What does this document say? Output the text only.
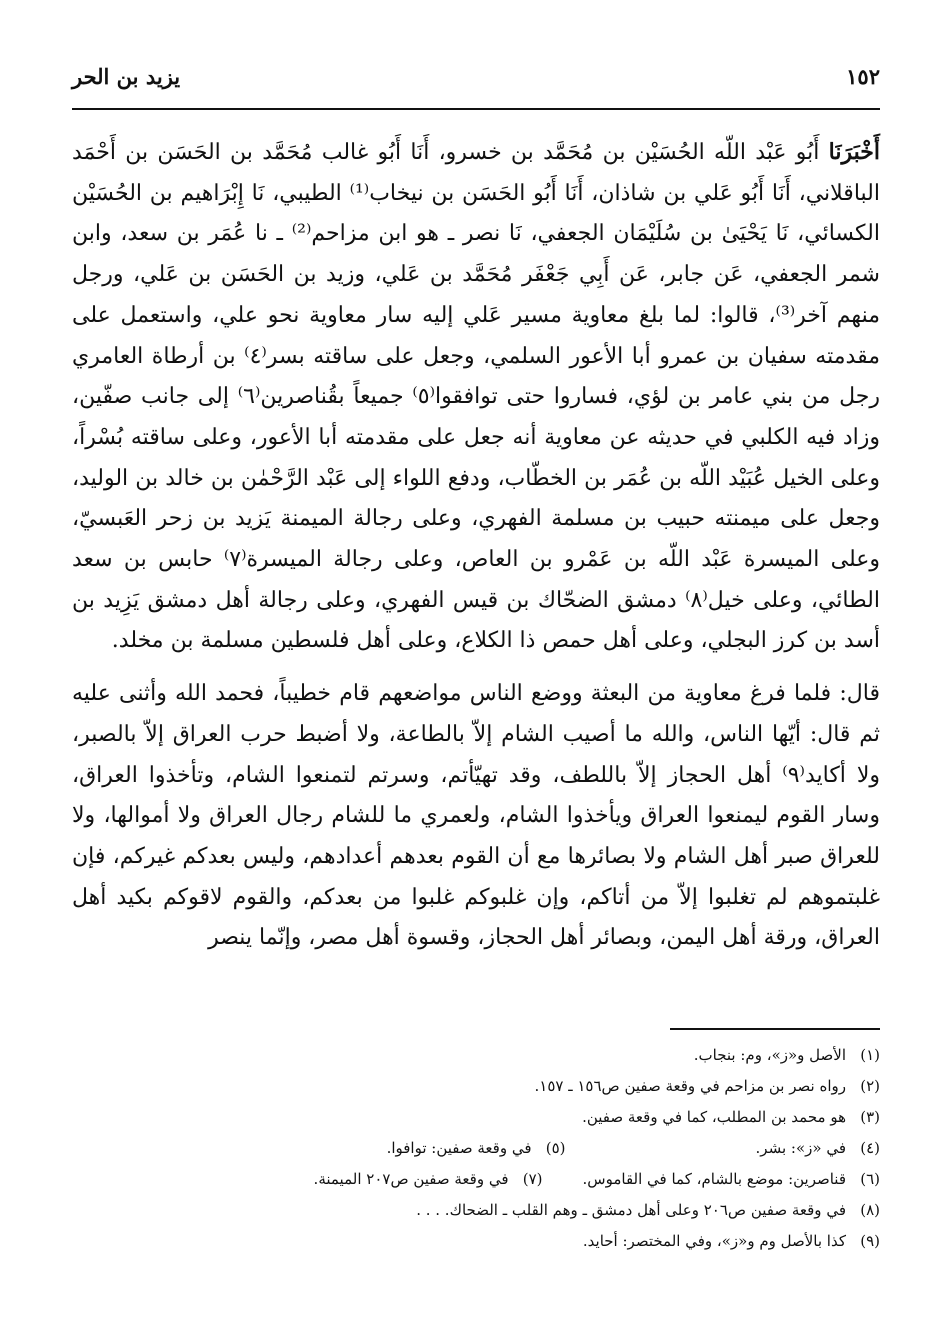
١٥٢
يزيد بن الحر

أَخْبَرَنَا أَبُو عَبْد اللّه الحُسَيْن بن مُحَمَّد بن خسرو، أَنَا أَبُو غالب مُحَمَّد بن الحَسَن بن أَحْمَد الباقلاني، أَنَا أَبُو عَلي بن شاذان، أَنَا أَبُو الحَسَن بن نيخاب⁽¹⁾ الطيبي، نَا إِبْرَاهيم بن الحُسَيْن الكسائي، نَا يَحْيَىٰ بن سُلَيْمَان الجعفي، نَا نصر ـ هو ابن مزاحم⁽²⁾ ـ نا عُمَر بن سعد، وابن شمر الجعفي، عَن جابر، عَن أَبِي جَعْفَر مُحَمَّد بن عَلي، وزيد بن الحَسَن بن عَلي، ورجل منهم آخر⁽³⁾، قالوا: لما بلغ معاوية مسير عَلي إليه سار معاوية نحو علي، واستعمل على مقدمته سفيان بن عمرو أبا الأعور السلمي، وجعل على ساقته بسر⁽٤⁾ بن أرطاة العامري رجل من بني عامر بن لؤي، فساروا حتى توافقوا⁽٥⁾ جميعاً بقُناصرين⁽٦⁾ إلى جانب صفّين، وزاد فيه الكلبي في حديثه عن معاوية أنه جعل على مقدمته أبا الأعور، وعلى ساقته بُسْراً، وعلى الخيل عُبَيْد اللّه بن عُمَر بن الخطّاب، ودفع اللواء إلى عَبْد الرَّحْمٰن بن خالد بن الوليد، وجعل على ميمنته حبيب بن مسلمة الفهري، وعلى رجالة الميمنة يَزيد بن زحر العَبسيّ، وعلى الميسرة عَبْد اللّه بن عَمْرو بن العاص، وعلى رجالة الميسرة⁽٧⁾ حابس بن سعد الطائي، وعلى خيل⁽٨⁾ دمشق الضحّاك بن قيس الفهري، وعلى رجالة أهل دمشق يَزِيد بن أسد بن كرز البجلي، وعلى أهل حمص ذا الكلاع، وعلى أهل فلسطين مسلمة بن مخلد.

قال: فلما فرغ معاوية من البعثة ووضع الناس مواضعهم قام خطيباً، فحمد الله وأثنى عليه ثم قال: أيّها الناس، والله ما أصيب الشام إلاّ بالطاعة، ولا أضبط حرب العراق إلاّ بالصبر، ولا أكايد⁽٩⁾ أهل الحجاز إلاّ باللطف، وقد تهيّأتم، وسرتم لتمنعوا الشام، وتأخذوا العراق، وسار القوم ليمنعوا العراق ويأخذوا الشام، ولعمري ما للشام رجال العراق ولا أموالها، ولا للعراق صبر أهل الشام ولا بصائرها مع أن القوم بعدهم أعدادهم، وليس بعدكم غيركم، فإن غلبتموهم لم تغلبوا إلاّ من أتاكم، وإن غلبوكم غلبوا من بعدكم، والقوم لاقوكم بكيد أهل العراق، ورقة أهل اليمن، وبصائر أهل الحجاز، وقسوة أهل مصر، وإنّما ينصر

(١)الأصل و«ز»، وم: بنجاب.
(٢)رواه نصر بن مزاحم في وقعة صفين ص١٥٦ ـ ١٥٧.
(٣)هو محمد بن المطلب، كما في وقعة صفين.
(٤)في «ز»: بشر.
(٥)في وقعة صفين: توافوا.
(٦)قناصرين: موضع بالشام، كما في القاموس.
(٧)في وقعة صفين ص٢٠٧ الميمنة.
(٨)في وقعة صفين ص٢٠٦ وعلى أهل دمشق ـ وهم القلب ـ الضحاك. . . .
(٩)كذا بالأصل وم و«ز»، وفي المختصر: أحايد.
